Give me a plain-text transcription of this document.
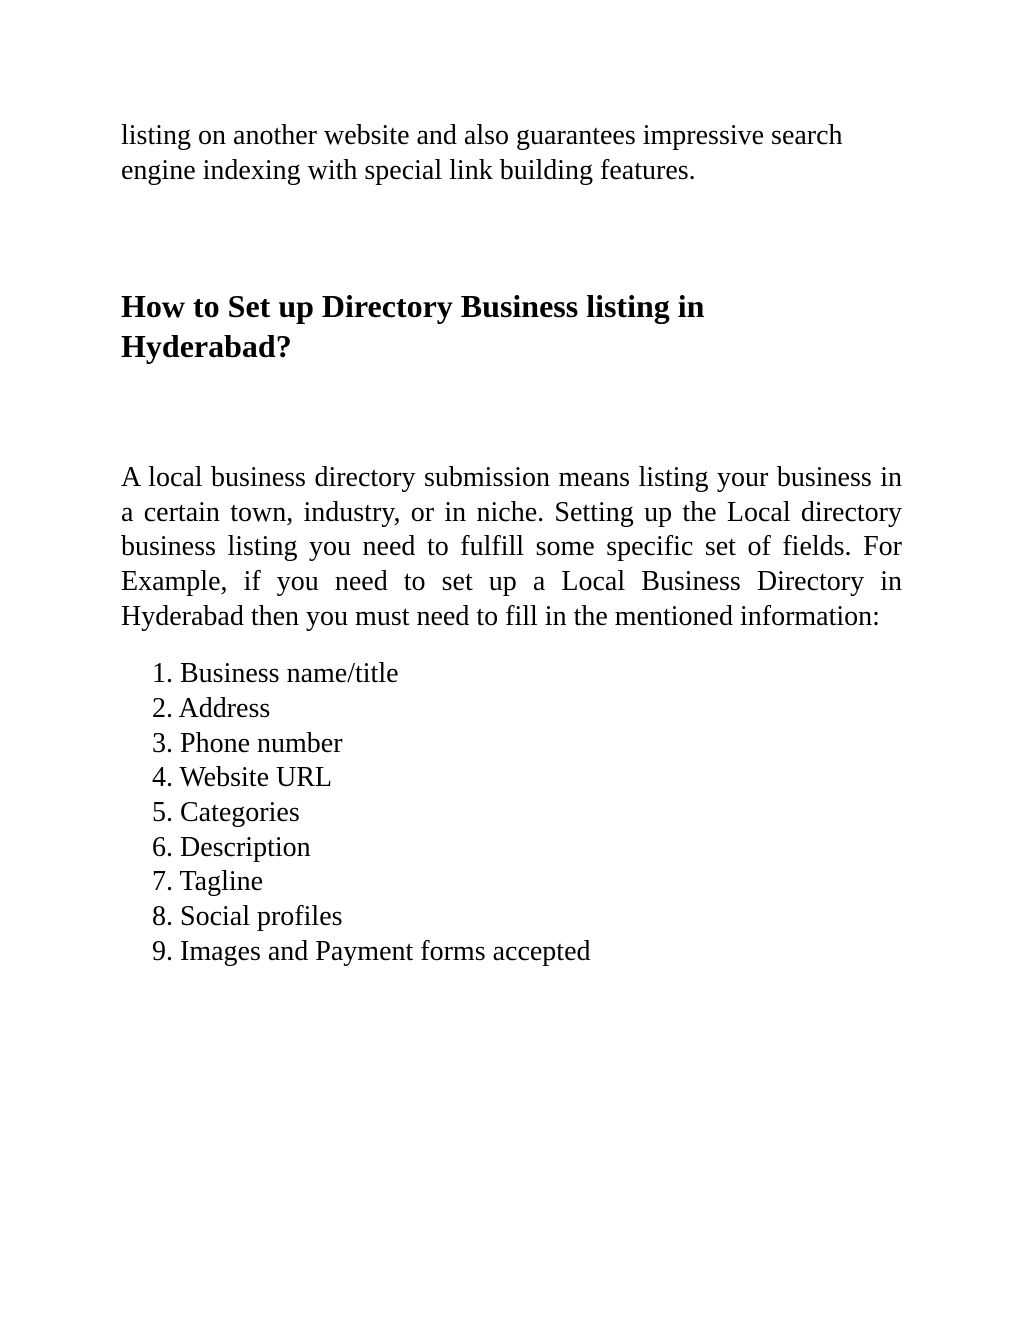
listing on another website and also guarantees impressive search engine indexing with special link building features.

How to Set up Directory Business listing in Hyderabad?

A local business directory submission means listing your business in a certain town, industry, or in niche. Setting up the Local directory business listing you need to fulfill some specific set of fields. For Example, if you need to set up a Local Business Directory in Hyderabad then you must need to fill in the mentioned information:

1. Business name/title
2. Address
3. Phone number
4. Website URL
5. Categories
6. Description
7. Tagline
8. Social profiles
9. Images and Payment forms accepted
